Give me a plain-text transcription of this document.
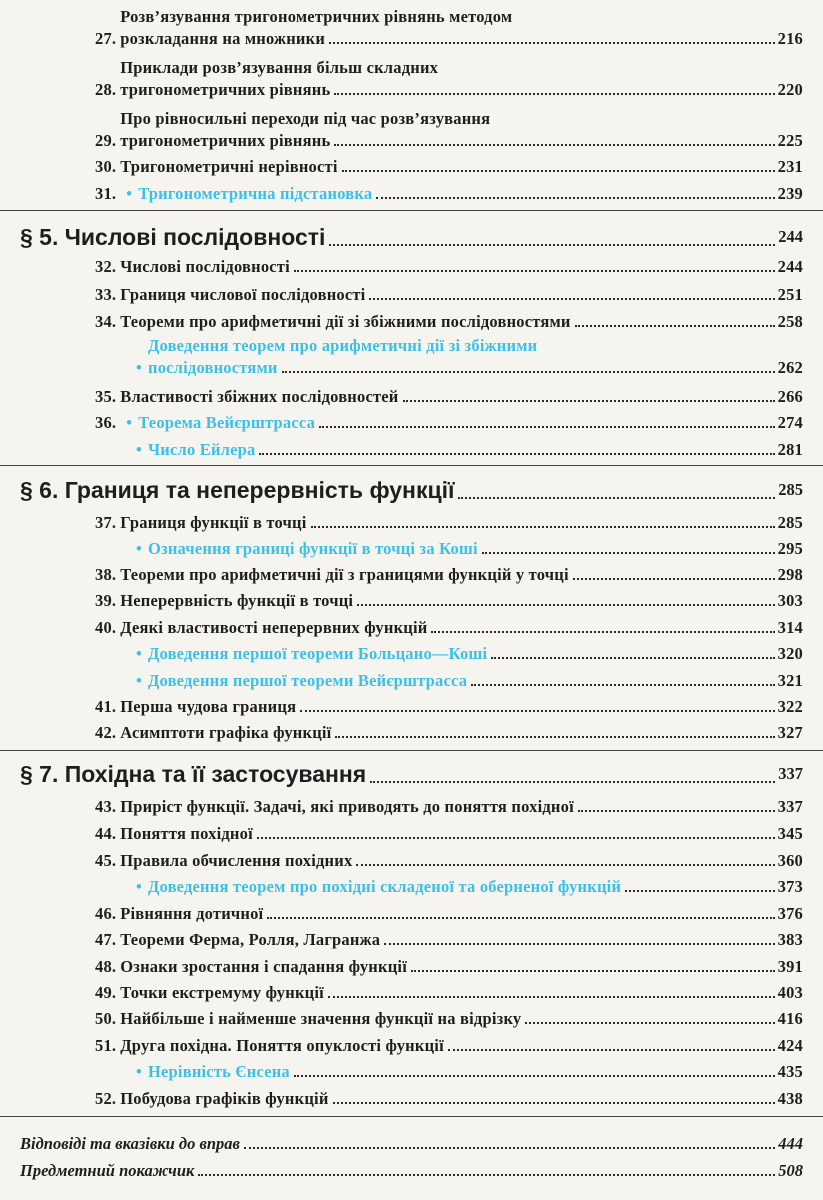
27.
Розв’язування тригонометричних рівнянь методом
розкладання на множники	216
28.
Приклади розв’язування більш складних
тригонометричних рівнянь	220
29.
Про рівносильні переходи під час розв’язування
тригонометричних рівнянь	225
30. Тригонометричні нерівності	231
31. • Тригонометрична підстановка	239
§ 5. Числові послідовності	244
32. Числові послідовності	244
33. Границя числової послідовності	251
34. Теореми про арифметичні дії зі збіжними послідовностями	258
•
Доведення теорем про арифметичні дії зі збіжними
послідовностями	262
35. Властивості збіжних послідовностей	266
36. • Теорема Вейєрштрасса	274
• Число Ейлера	281
§ 6. Границя та неперервність функції	285
37. Границя функції в точці	285
• Означення границі функції в точці за Коші	295
38. Теореми про арифметичні дії з границями функцій у точці	298
39. Неперервність функції в точці	303
40. Деякі властивості неперервних функцій	314
• Доведення першої теореми Больцано—Коші	320
• Доведення першої теореми Вейєрштрасса	321
41. Перша чудова границя	322
42. Асимптоти графіка функції	327
§ 7. Похідна та її застосування	337
43. Приріст функції. Задачі, які приводять до поняття похідної	337
44. Поняття похідної	345
45. Правила обчислення похідних	360
• Доведення теорем про похідні складеної та оберненої функцій	373
46. Рівняння дотичної	376
47. Теореми Ферма, Ролля, Лагранжа	383
48. Ознаки зростання і спадання функції	391
49. Точки екстремуму функції	403
50. Найбільше і найменше значення функції на відрізку	416
51. Друга похідна. Поняття опуклості функції	424
• Нерівність Єнсена	435
52. Побудова графіків функцій	438
Відповіді та вказівки до вправ	444
Предметний покажчик	508
